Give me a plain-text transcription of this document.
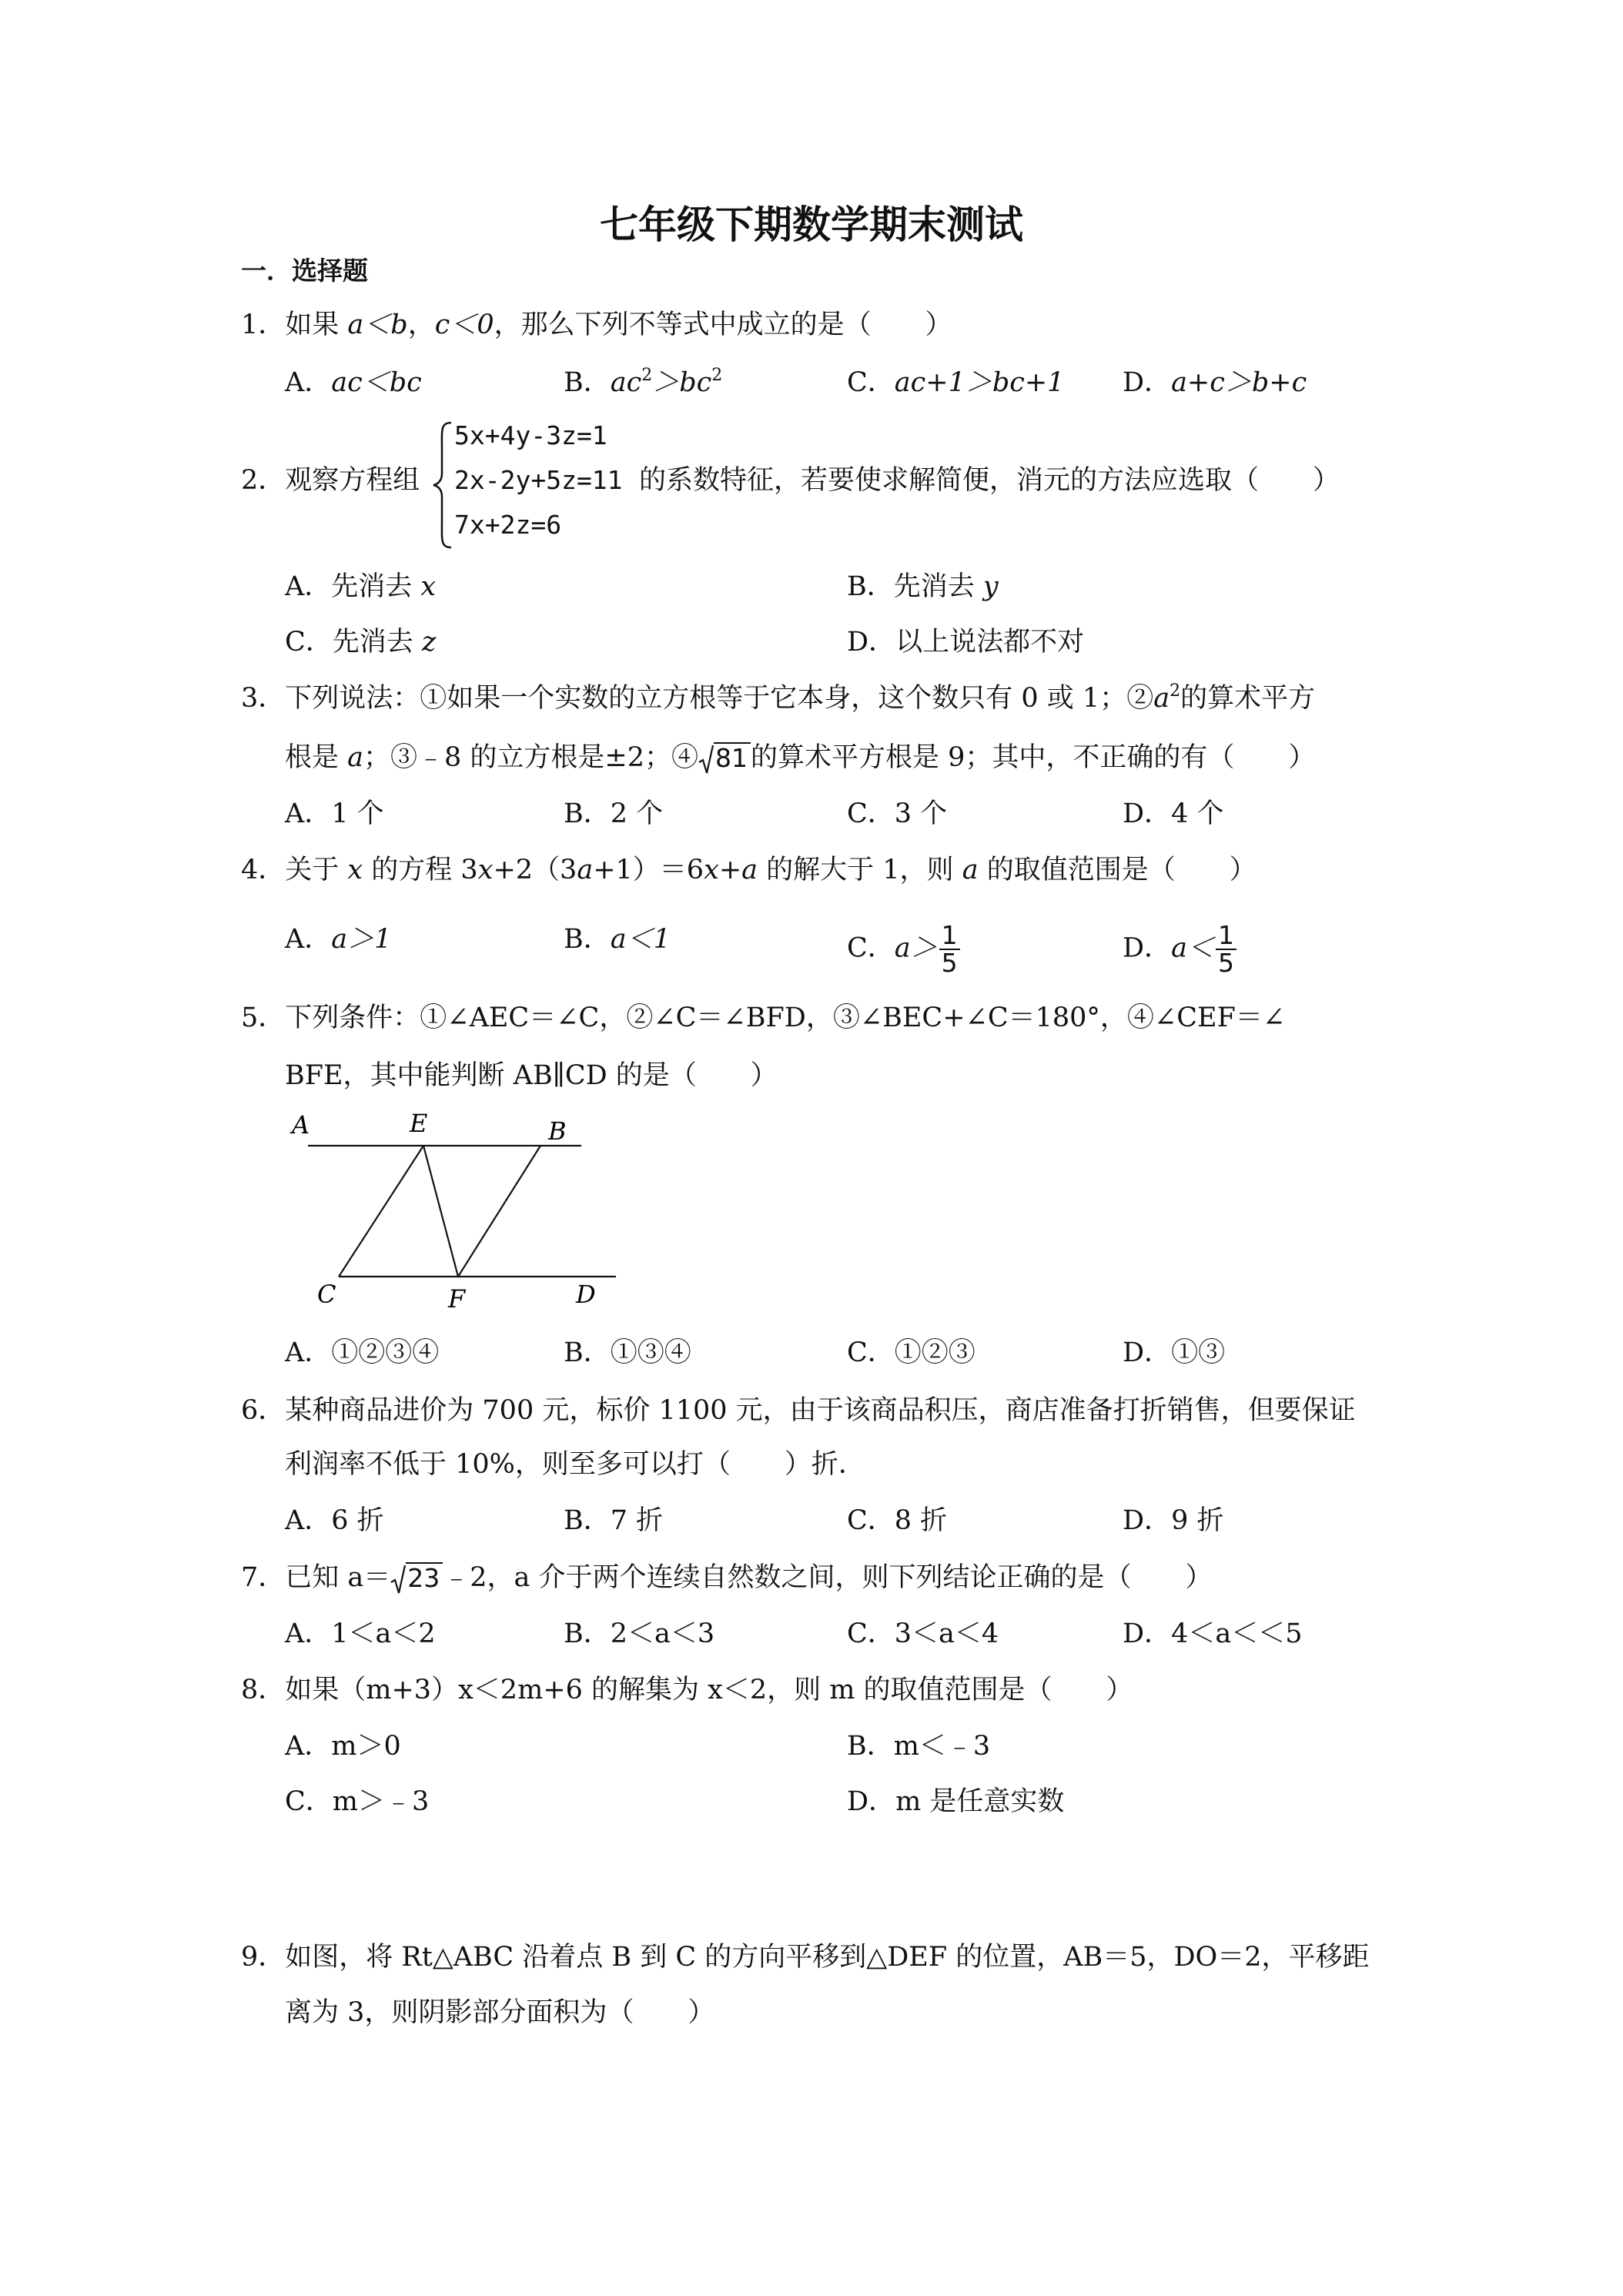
七年级下期数学期末测试
一．选择题
1．如果 a＜b，c＜0，那么下列不等式中成立的是（　　）
A．ac＜bc	B．$ac^2>bc^2$	C．ac+1＞bc+1 D．a+c＞b+c
2．观察方程组
5x+4y-3z=1
2x-2y+5z=11
7x+2z=6
的系数特征，若要使求解简便，消元的方法应选取（　　）
A．先消去 x	B．先消去 y
C．先消去 z	D．以上说法都不对
3．下列说法：①如果一个实数的立方根等于它本身，这个数只有 0 或 1；$②a^2$的算术平方
根是 a；③﹣8 的立方根是±2；④ 81 的算术平方根是 9；其中，不正确的有（　　）
A．1 个	B．2 个	C．3 个	D．4 个
4．关于 x 的方程 3x+2（3a+1）＝6x+a 的解大于 1，则 a 的取值范围是（　　）
A．a＞1	B．a＜1	C．$a> \frac{1}{5}$	D．$a< \frac{1}{5}$
5．下列条件：①∠AEC＝∠C，②∠C＝∠BFD，③∠BEC+∠C＝180°，④∠CEF＝∠
BFE，其中能判断 AB∥CD 的是（　　）
A	E	B
C	F	D
A．①②③④	B．①③④	C．①②③	D．①③
6．某种商品进价为 700 元，标价 1100 元，由于该商品积压，商店准备打折销售，但要保证
利润率不低于 10%，则至多可以打（　　）折．
A．6 折	B．7 折	C．8 折	D．9 折
7．已知 a＝ 23 ﹣2，a 介于两个连续自然数之间，则下列结论正确的是（　　）
A．1＜a＜2	B．2＜a＜3	C．3＜a＜4	D．4＜a＜＜5
8．如果（m+3）x＜2m+6 的解集为 x＜2，则 m 的取值范围是（　　）
A．m＞0	B．m＜﹣3
C．m＞﹣3	D．m 是任意实数
9．如图，将 Rt△ABC 沿着点 B 到 C 的方向平移到△DEF 的位置，AB＝5，DO＝2，平移距
离为 3，则阴影部分面积为（　　）
